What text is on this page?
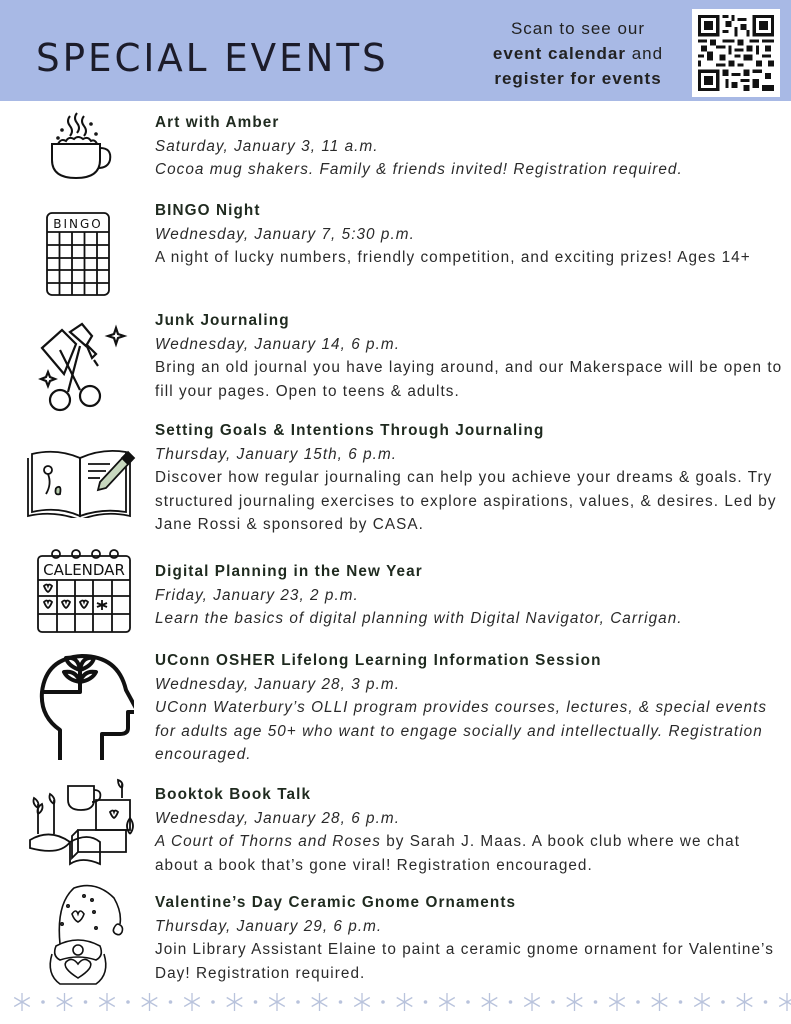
SPECIAL EVENTS
Scan to see our
event calendar and
register for events
Art with Amber
Saturday, January 3, 11 a.m.
Cocoa mug shakers. Family & friends invited! Registration required.
BINGO
BINGO Night
Wednesday, January 7, 5:30 p.m.
A night of lucky numbers, friendly competition, and exciting prizes! Ages 14+
Junk Journaling
Wednesday, January 14, 6 p.m.
Bring an old journal you have laying around, and our Makerspace will be open to fill your pages. Open to teens & adults.
Setting Goals & Intentions Through Journaling
Thursday, January 15th, 6 p.m.
Discover how regular journaling can help you achieve your dreams & goals. Try structured journaling exercises to explore aspirations, values, & desires. Led by Jane Rossi & sponsored by CASA.
CALENDAR Digital Planning in the New Year
Friday, January 23, 2 p.m.
Learn the basics of digital planning with Digital Navigator, Carrigan.
UConn OSHER Lifelong Learning Information Session
Wednesday, January 28, 3 p.m.
UConn Waterbury’s OLLI program provides courses, lectures, & special events for adults age 50+ who want to engage socially and intellectually. Registration encouraged.
Booktok Book Talk
Wednesday, January 28, 6 p.m.
A Court of Thorns and Roses by Sarah J. Maas. A book club where we chat about a book that’s gone viral! Registration encouraged.
Valentine’s Day Ceramic Gnome Ornaments
Thursday, January 29, 6 p.m.
Join Library Assistant Elaine to paint a ceramic gnome ornament for Valentine’s Day! Registration required.
